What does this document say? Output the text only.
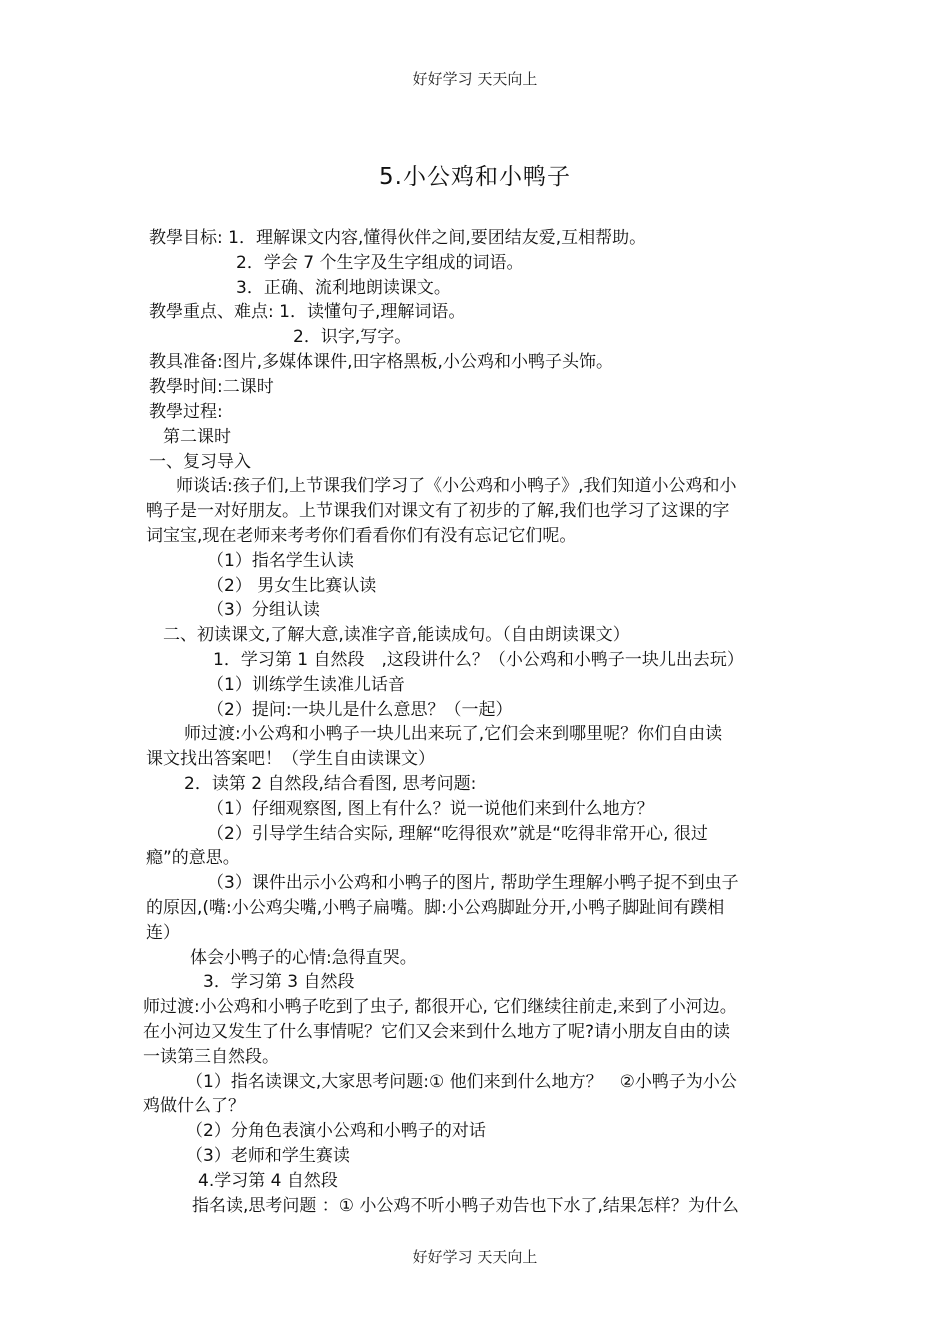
好好学习 天天向上
5.小公鸡和小鸭子
教學目标: 1．理解课文内容,懂得伙伴之间,要团结友爱,互相帮助。
2．学会 7 个生字及生字组成的词语。
3．正确、流利地朗读课文。
教學重点、难点: 1．读懂句子,理解词语。
2．识字,写字。
教具准备:图片,多媒体课件,田字格黑板,小公鸡和小鸭子头饰。
教學时间:二课时
教學过程:
第二课时
一、复习导入
师谈话:孩子们,上节课我们学习了《小公鸡和小鸭子》,我们知道小公鸡和小
鸭子是一对好朋友。上节课我们对课文有了初步的了解,我们也学习了这课的字
词宝宝,现在老师来考考你们看看你们有没有忘记它们呢。
（1）指名学生认读
（2） 男女生比赛认读
（3）分组认读
二、初读课文,了解大意,读准字音,能读成句。（自由朗读课文）
1．学习第 1 自然段　,这段讲什么？（小公鸡和小鸭子一块儿出去玩）
（1）训练学生读准儿话音
（2）提问:一块儿是什么意思？（一起）
师过渡:小公鸡和小鸭子一块儿出来玩了,它们会来到哪里呢？你们自由读
课文找出答案吧！（学生自由读课文）
2．读第 2 自然段,结合看图, 思考问题:
（1）仔细观察图, 图上有什么？说一说他们来到什么地方？
（2）引导学生结合实际, 理解“吃得很欢”就是“吃得非常开心, 很过
瘾”的意思。
（3）课件出示小公鸡和小鸭子的图片, 帮助学生理解小鸭子捉不到虫子
的原因,(嘴:小公鸡尖嘴,小鸭子扁嘴。脚:小公鸡脚趾分开,小鸭子脚趾间有蹼相
连）
体会小鸭子的心情:急得直哭。
3．学习第 3 自然段
师过渡:小公鸡和小鸭子吃到了虫子, 都很开心, 它们继续往前走,来到了小河边。
在小河边又发生了什么事情呢？它们又会来到什么地方了呢?请小朋友自由的读
一读第三自然段。
（1）指名读课文,大家思考问题:① 他们来到什么地方？　②小鸭子为小公
鸡做什么了？
（2）分角色表演小公鸡和小鸭子的对话
（3）老师和学生赛读
4.学习第 4 自然段
指名读,思考问题 ：① 小公鸡不听小鸭子劝告也下水了,结果怎样？为什么
好好学习 天天向上
